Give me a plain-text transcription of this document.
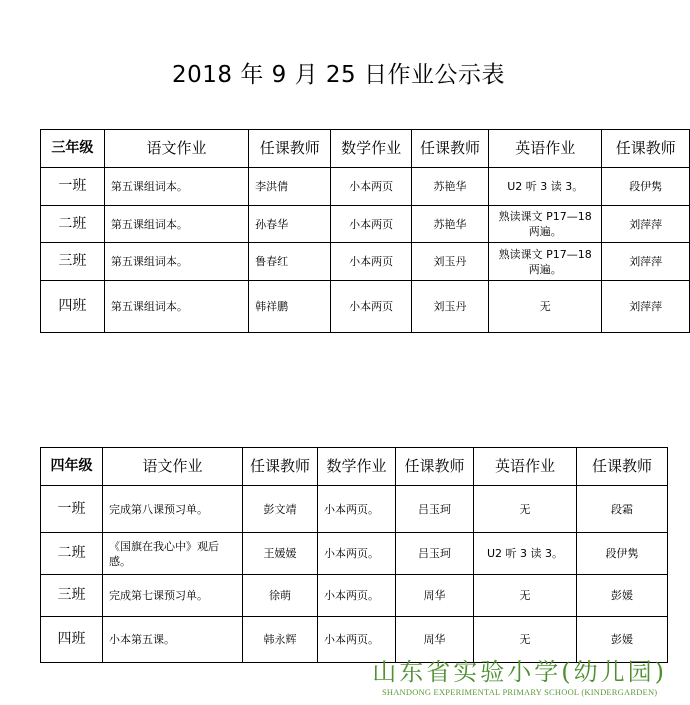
2018 年 9 月 25 日作业公示表
三年级	语文作业	任课教师	数学作业	任课教师	英语作业	任课教师
一班	第五课组词本。	李洪倩	小本两页	苏艳华	U2 听 3 读 3。	段伊隽
二班	第五课组词本。	孙春华	小本两页	苏艳华	熟读课文 P17—18 两遍。	刘萍萍
三班	第五课组词本。	鲁春红	小本两页	刘玉丹	熟读课文 P17—18 两遍。	刘萍萍
四班	第五课组词本。	韩祥鹏	小本两页	刘玉丹	无	刘萍萍
四年级	语文作业	任课教师	数学作业	任课教师	英语作业	任课教师
一班	完成第八课预习单。	彭文靖	小本两页。	吕玉珂	无	段霜
二班	《国旗在我心中》观后感。	王媛媛	小本两页。	吕玉珂	U2 听 3 读 3。	段伊隽
三班	完成第七课预习单。	徐萌	小本两页。	周华	无	彭媛
四班	小本第五课。	韩永辉	小本两页。	周华	无	彭媛
山东省实验小学(幼儿园)
SHANDONG EXPERIMENTAL PRIMARY SCHOOL (KINDERGARDEN)
